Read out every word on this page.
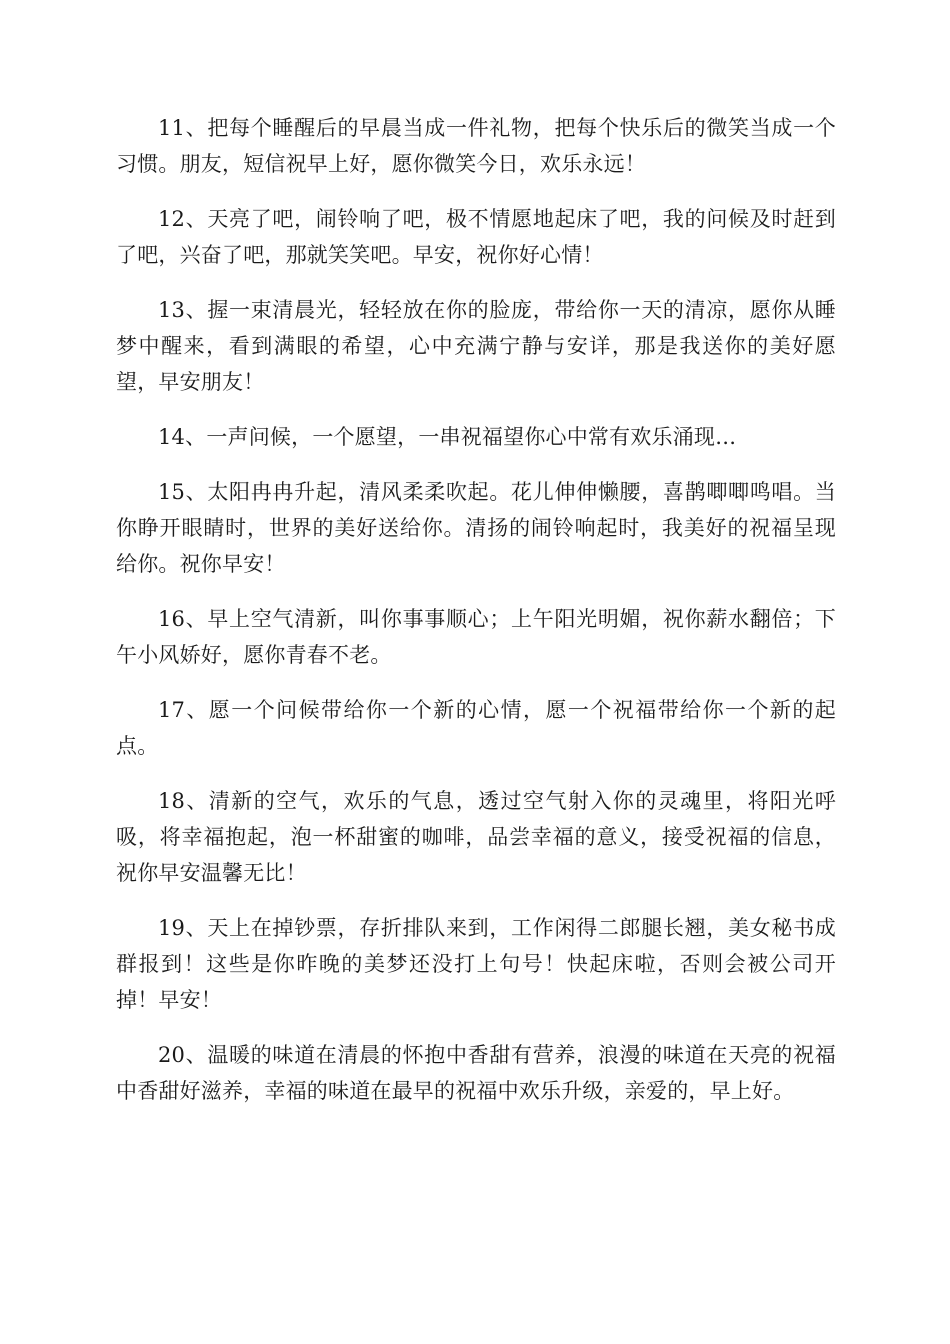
11、把每个睡醒后的早晨当成一件礼物，把每个快乐后的微笑当成一个习惯。朋友，短信祝早上好，愿你微笑今日，欢乐永远！

12、天亮了吧，闹铃响了吧，极不情愿地起床了吧，我的问候及时赶到了吧，兴奋了吧，那就笑笑吧。早安，祝你好心情！

13、握一束清晨光，轻轻放在你的脸庞，带给你一天的清凉，愿你从睡梦中醒来，看到满眼的希望，心中充满宁静与安详，那是我送你的美好愿望，早安朋友！

14、一声问候，一个愿望，一串祝福望你心中常有欢乐涌现…

15、太阳冉冉升起，清风柔柔吹起。花儿伸伸懒腰，喜鹊唧唧鸣唱。当你睁开眼睛时，世界的美好送给你。清扬的闹铃响起时，我美好的祝福呈现给你。祝你早安！

16、早上空气清新，叫你事事顺心；上午阳光明媚，祝你薪水翻倍；下午小风娇好，愿你青春不老。

17、愿一个问候带给你一个新的心情，愿一个祝福带给你一个新的起点。

18、清新的空气，欢乐的气息，透过空气射入你的灵魂里，将阳光呼吸，将幸福抱起，泡一杯甜蜜的咖啡，品尝幸福的意义，接受祝福的信息，祝你早安温馨无比！

19、天上在掉钞票，存折排队来到，工作闲得二郎腿长翘，美女秘书成群报到！这些是你昨晚的美梦还没打上句号！快起床啦，否则会被公司开掉！早安！

20、温暖的味道在清晨的怀抱中香甜有营养，浪漫的味道在天亮的祝福中香甜好滋养，幸福的味道在最早的祝福中欢乐升级，亲爱的，早上好。
